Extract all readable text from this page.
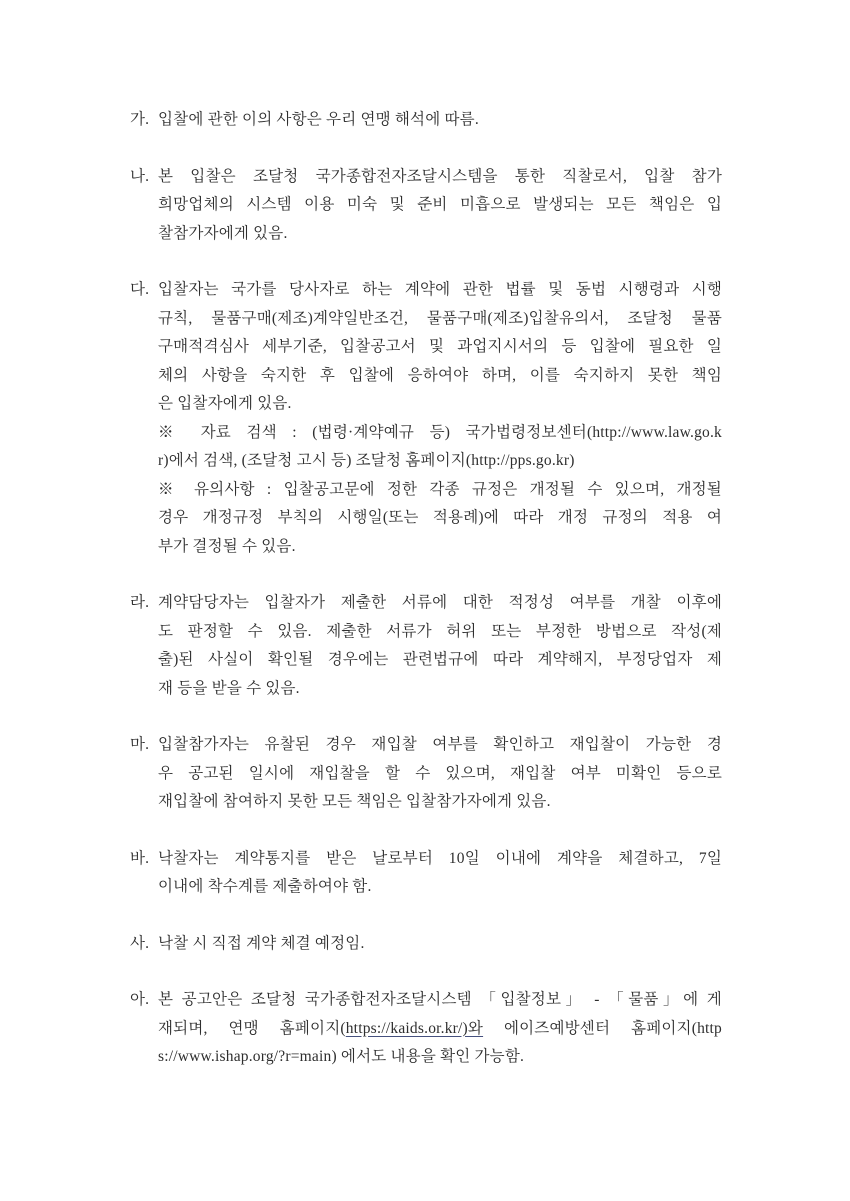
가. 입찰에 관한 이의 사항은 우리 연맹 해석에 따름.
나. 본 입찰은 조달청 국가종합전자조달시스템을 통한 직찰로서, 입찰 참가
희망업체의 시스템 이용 미숙 및 준비 미흡으로 발생되는 모든 책임은 입
찰참가자에게 있음.
다. 입찰자는 국가를 당사자로 하는 계약에 관한 법률 및 동법 시행령과 시행
규칙, 물품구매(제조)계약일반조건, 물품구매(제조)입찰유의서, 조달청 물품
구매적격심사 세부기준, 입찰공고서 및 과업지시서의 등 입찰에 필요한 일
체의 사항을 숙지한 후 입찰에 응하여야 하며, 이를 숙지하지 못한 책임
은 입찰자에게 있음.
※ 자료 검색 : (법령·계약예규 등) 국가법령정보센터(http://www.law.go.k
r)에서 검색, (조달청 고시 등) 조달청 홈페이지(http://pps.go.kr)
※ 유의사항 : 입찰공고문에 정한 각종 규정은 개정될 수 있으며, 개정될
경우 개정규정 부칙의 시행일(또는 적용례)에 따라 개정 규정의 적용 여
부가 결정될 수 있음.
라. 계약담당자는 입찰자가 제출한 서류에 대한 적정성 여부를 개찰 이후에
도 판정할 수 있음. 제출한 서류가 허위 또는 부정한 방법으로 작성(제
출)된 사실이 확인될 경우에는 관련법규에 따라 계약해지, 부정당업자 제
재 등을 받을 수 있음.
마. 입찰참가자는 유찰된 경우 재입찰 여부를 확인하고 재입찰이 가능한 경
우 공고된 일시에 재입찰을 할 수 있으며, 재입찰 여부 미확인 등으로
재입찰에 참여하지 못한 모든 책임은 입찰참가자에게 있음.
바. 낙찰자는 계약통지를 받은 날로부터 10일 이내에 계약을 체결하고, 7일
이내에 착수계를 제출하여야 함.
사. 낙찰 시 직접 계약 체결 예정임.
아. 본 공고안은 조달청 국가종합전자조달시스템 「입찰정보」 - 「물품」에 게
재되며, 연맹 홈페이지(https://kaids.or.kr/)와 에이즈예방센터 홈페이지(http
s://www.ishap.org/?r=main) 에서도 내용을 확인 가능함.
